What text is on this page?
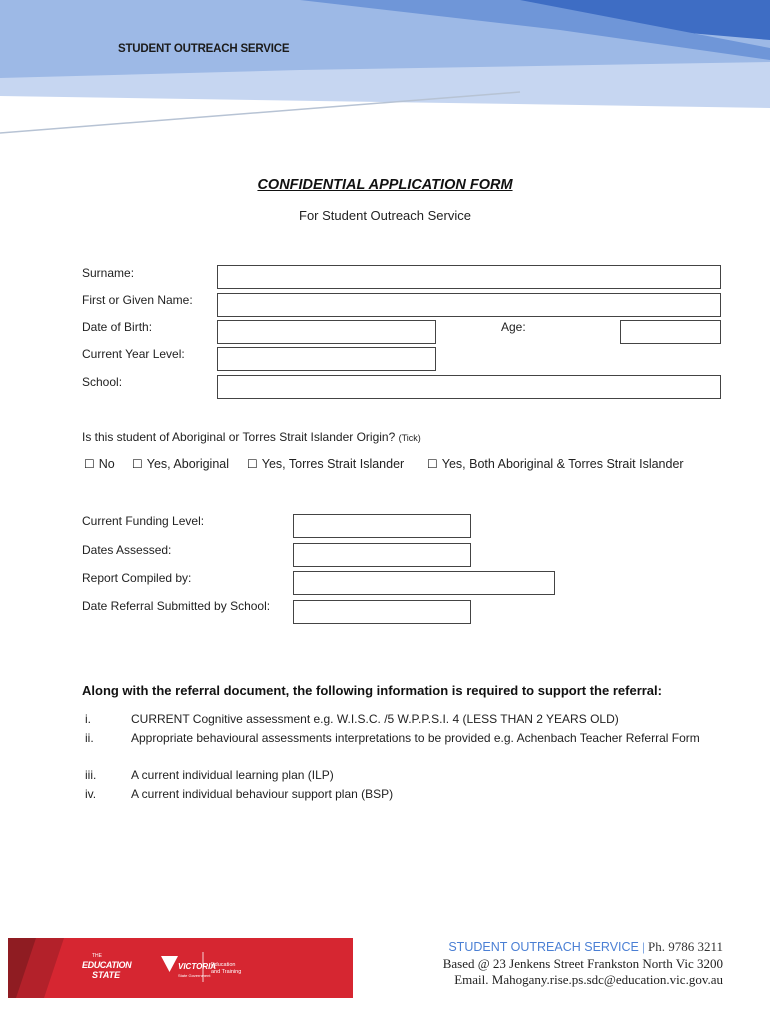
STUDENT OUTREACH SERVICE
CONFIDENTIAL APPLICATION FORM
For Student Outreach Service
Surname:
First or Given Name:
Date of Birth:	Age:
Current Year Level:
School:
Is this student of Aboriginal or Torres Strait Islander Origin? (Tick)
☐ No ☐ Yes, Aboriginal ☐ Yes, Torres Strait Islander ☐ Yes, Both Aboriginal & Torres Strait Islander
Current Funding Level:
Dates Assessed:
Report Compiled by:
Date Referral Submitted by School:
Along with the referral document, the following information is required to support the referral:
i.	CURRENT Cognitive assessment e.g. W.I.S.C. /5 W.P.P.S.I. 4 (LESS THAN 2 YEARS OLD)
ii.	Appropriate behavioural assessments interpretations to be provided e.g. Achenbach Teacher Referral Form
iii.	A current individual learning plan (ILP)
iv.	A current individual behaviour support plan (BSP)
THE
EDUCATION
STATE
VICTORIA
State Government
Education
and Training
STUDENT OUTREACH SERVICE | Ph. 9786 3211
Based @ 23 Jenkens Street Frankston North Vic 3200
Email. Mahogany.rise.ps.sdc@education.vic.gov.au
